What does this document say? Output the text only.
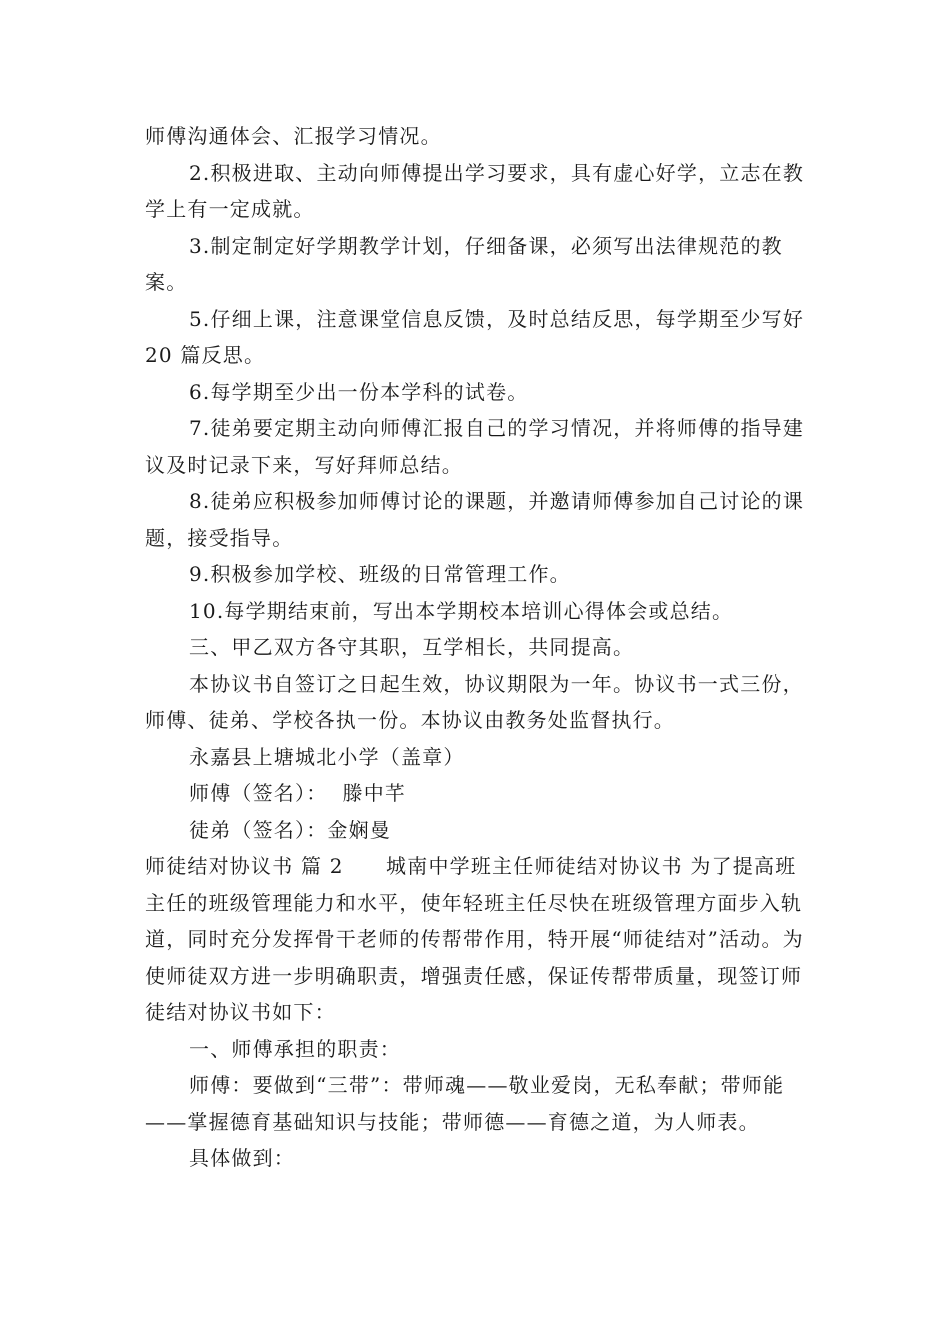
师傅沟通体会、汇报学习情况。

2.积极进取、主动向师傅提出学习要求，具有虚心好学，立志在教学上有一定成就。

3.制定制定好学期教学计划，仔细备课，必须写出法律规范的教案。

5.仔细上课，注意课堂信息反馈，及时总结反思，每学期至少写好 20 篇反思。

6.每学期至少出一份本学科的试卷。

7.徒弟要定期主动向师傅汇报自己的学习情况，并将师傅的指导建议及时记录下来，写好拜师总结。

8.徒弟应积极参加师傅讨论的课题，并邀请师傅参加自己讨论的课题，接受指导。

9.积极参加学校、班级的日常管理工作。

10.每学期结束前，写出本学期校本培训心得体会或总结。

三、甲乙双方各守其职，互学相长，共同提高。

本协议书自签订之日起生效，协议期限为一年。协议书一式三份，师傅、徒弟、学校各执一份。本协议由教务处监督执行。

永嘉县上塘城北小学（盖章）

师傅（签名）：  滕中芊

徒弟（签名）：金娴曼

师徒结对协议书 篇 2　　城南中学班主任师徒结对协议书 为了提高班主任的班级管理能力和水平，使年轻班主任尽快在班级管理方面步入轨道，同时充分发挥骨干老师的传帮带作用，特开展“师徒结对”活动。为使师徒双方进一步明确职责，增强责任感，保证传帮带质量，现签订师徒结对协议书如下：

一、师傅承担的职责：

师傅：要做到“三带”：带师魂——敬业爱岗，无私奉献；带师能——掌握德育基础知识与技能；带师德——育德之道，为人师表。

具体做到：
